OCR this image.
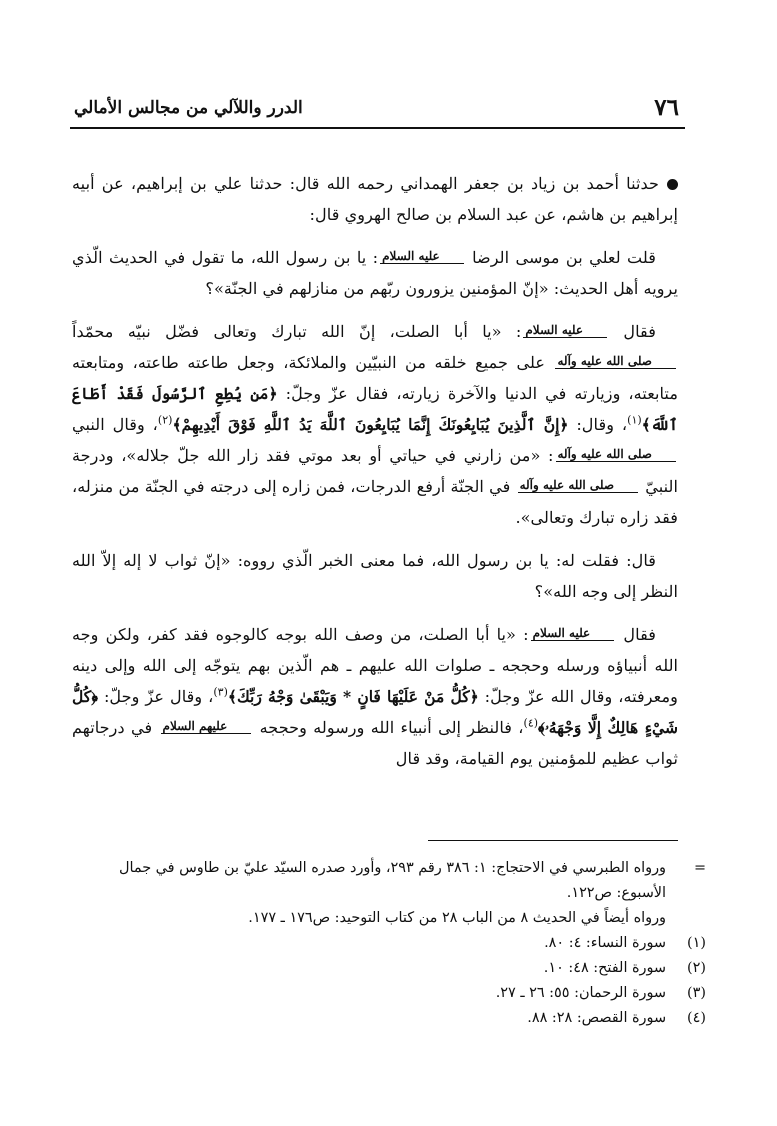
٧٦
الدرر واللآلي من مجالس الأمالي

حدثنا أحمد بن زياد بن جعفر الهمداني رحمه الله قال: حدثنا علي بن إبراهيم، عن أبيه إبراهيم بن هاشم، عن عبد السلام بن صالح الهروي قال:

قلت لعلي بن موسى الرضا عليه السلام: يا بن رسول الله، ما تقول في الحديث الّذي يرويه أهل الحديث: «إنّ المؤمنين يزورون ربّهم من منازلهم في الجنّة»؟

فقال عليه السلام: «يا أبا الصلت، إنّ الله تبارك وتعالى فضّل نبيّه محمّداً صلى الله عليه وآله على جميع خلقه من النبيّين والملائكة، وجعل طاعته طاعته، ومتابعته متابعته، وزيارته في الدنيا والآخرة زيارته، فقال عزّ وجلّ: ﴿مَن يُطِعِ ٱلرَّسُولَ فَقَدْ أَطَاعَ ٱللَّهَ﴾$^{(١)}$، وقال: ﴿إِنَّ ٱلَّذِينَ يُبَايِعُونَكَ إِنَّمَا يُبَايِعُونَ ٱللَّهَ يَدُ ٱللَّهِ فَوْقَ أَيْدِيهِمْ﴾$^{(٢)}$، وقال النبي صلى الله عليه وآله: «من زارني في حياتي أو بعد موتي فقد زار الله جلّ جلاله»، ودرجة النبيّ صلى الله عليه وآله في الجنّة أرفع الدرجات، فمن زاره إلى درجته في الجنّة من منزله، فقد زاره تبارك وتعالى».

قال: فقلت له: يا بن رسول الله، فما معنى الخبر الّذي رووه: «إنّ ثواب لا إله إلاّ الله النظر إلى وجه الله»؟

فقال عليه السلام: «يا أبا الصلت، من وصف الله بوجه كالوجوه فقد كفر، ولكن وجه الله أنبياؤه ورسله وحججه ـ صلوات الله عليهم ـ هم الّذين بهم يتوجّه إلى الله وإلى دينه ومعرفته، وقال الله عزّ وجلّ: ﴿كُلُّ مَنْ عَلَيْهَا فَانٍ * وَيَبْقَىٰ وَجْهُ رَبِّكَ﴾$^{(٣)}$، وقال عزّ وجلّ: ﴿كُلُّ شَيْءٍ هَالِكٌ إِلَّا وَجْهَهُۥ﴾$^{(٤)}$، فالنظر إلى أنبياء الله ورسوله وحججه عليهم السلام في درجاتهم ثواب عظيم للمؤمنين يوم القيامة، وقد قال

=
ورواه الطبرسي في الاحتجاج: ١: ٣٨٦ رقم ٢٩٣، وأورد صدره السيّد عليّ بن طاوس في جمال الأسبوع: ص١٢٢.
ورواه أيضاً في الحديث ٨ من الباب ٢٨ من كتاب التوحيد: ص١٧٦ ـ ١٧٧.
(١)
سورة النساء: ٤: ٨٠.
(٢)
سورة الفتح: ٤٨: ١٠.
(٣)
سورة الرحمان: ٥٥: ٢٦ ـ ٢٧.
(٤)
سورة القصص: ٢٨: ٨٨.
